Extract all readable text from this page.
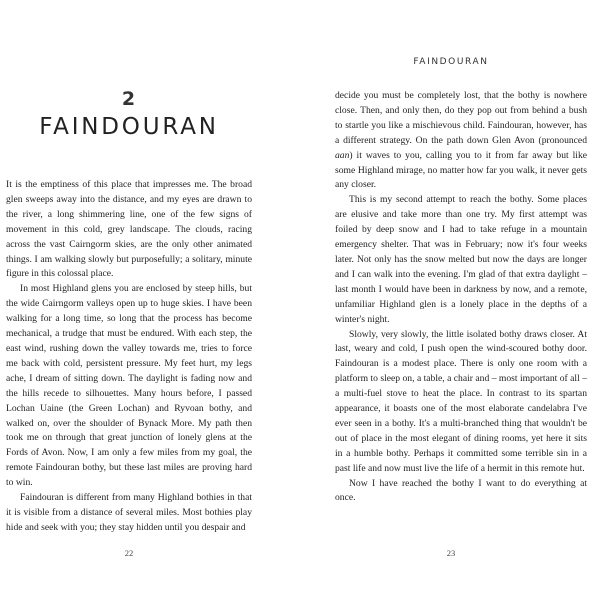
2
FAINDOURAN

It is the emptiness of this place that impresses me. The broad glen sweeps away into the distance, and my eyes are drawn to the river, a long shimmering line, one of the few signs of movement in this cold, grey landscape. The clouds, racing across the vast Cairngorm skies, are the only other animated things. I am walking slowly but purposefully; a solitary, minute figure in this colossal place.

In most Highland glens you are enclosed by steep hills, but the wide Cairngorm valleys open up to huge skies. I have been walking for a long time, so long that the process has become mechanical, a trudge that must be endured. With each step, the east wind, rushing down the valley towards me, tries to force me back with cold, persistent pressure. My feet hurt, my legs ache, I dream of sitting down. The daylight is fading now and the hills recede to silhouettes. Many hours before, I passed Lochan Uaine (the Green Lochan) and Ryvoan bothy, and walked on, over the shoulder of Bynack More. My path then took me on through that great junction of lonely glens at the Fords of Avon. Now, I am only a few miles from my goal, the remote Faindouran bothy, but these last miles are proving hard to win.

Faindouran is different from many Highland bothies in that it is visible from a distance of several miles. Most bothies play hide and seek with you; they stay hidden until you despair and

22
FAINDOURAN

decide you must be completely lost, that the bothy is nowhere close. Then, and only then, do they pop out from behind a bush to startle you like a mischievous child. Faindouran, however, has a different strategy. On the path down Glen Avon (pronounced aan) it waves to you, calling you to it from far away but like some Highland mirage, no matter how far you walk, it never gets any closer.

This is my second attempt to reach the bothy. Some places are elusive and take more than one try. My first attempt was foiled by deep snow and I had to take refuge in a mountain emergency shelter. That was in February; now it's four weeks later. Not only has the snow melted but now the days are longer and I can walk into the evening. I'm glad of that extra daylight – last month I would have been in darkness by now, and a remote, unfamiliar Highland glen is a lonely place in the depths of a winter's night.

Slowly, very slowly, the little isolated bothy draws closer. At last, weary and cold, I push open the wind-scoured bothy door. Faindouran is a modest place. There is only one room with a platform to sleep on, a table, a chair and – most important of all – a multi-fuel stove to heat the place. In contrast to its spartan appearance, it boasts one of the most elaborate candelabra I've ever seen in a bothy. It's a multi-branched thing that wouldn't be out of place in the most elegant of dining rooms, yet here it sits in a humble bothy. Perhaps it committed some terrible sin in a past life and now must live the life of a hermit in this remote hut.

Now I have reached the bothy I want to do everything at once.

23
